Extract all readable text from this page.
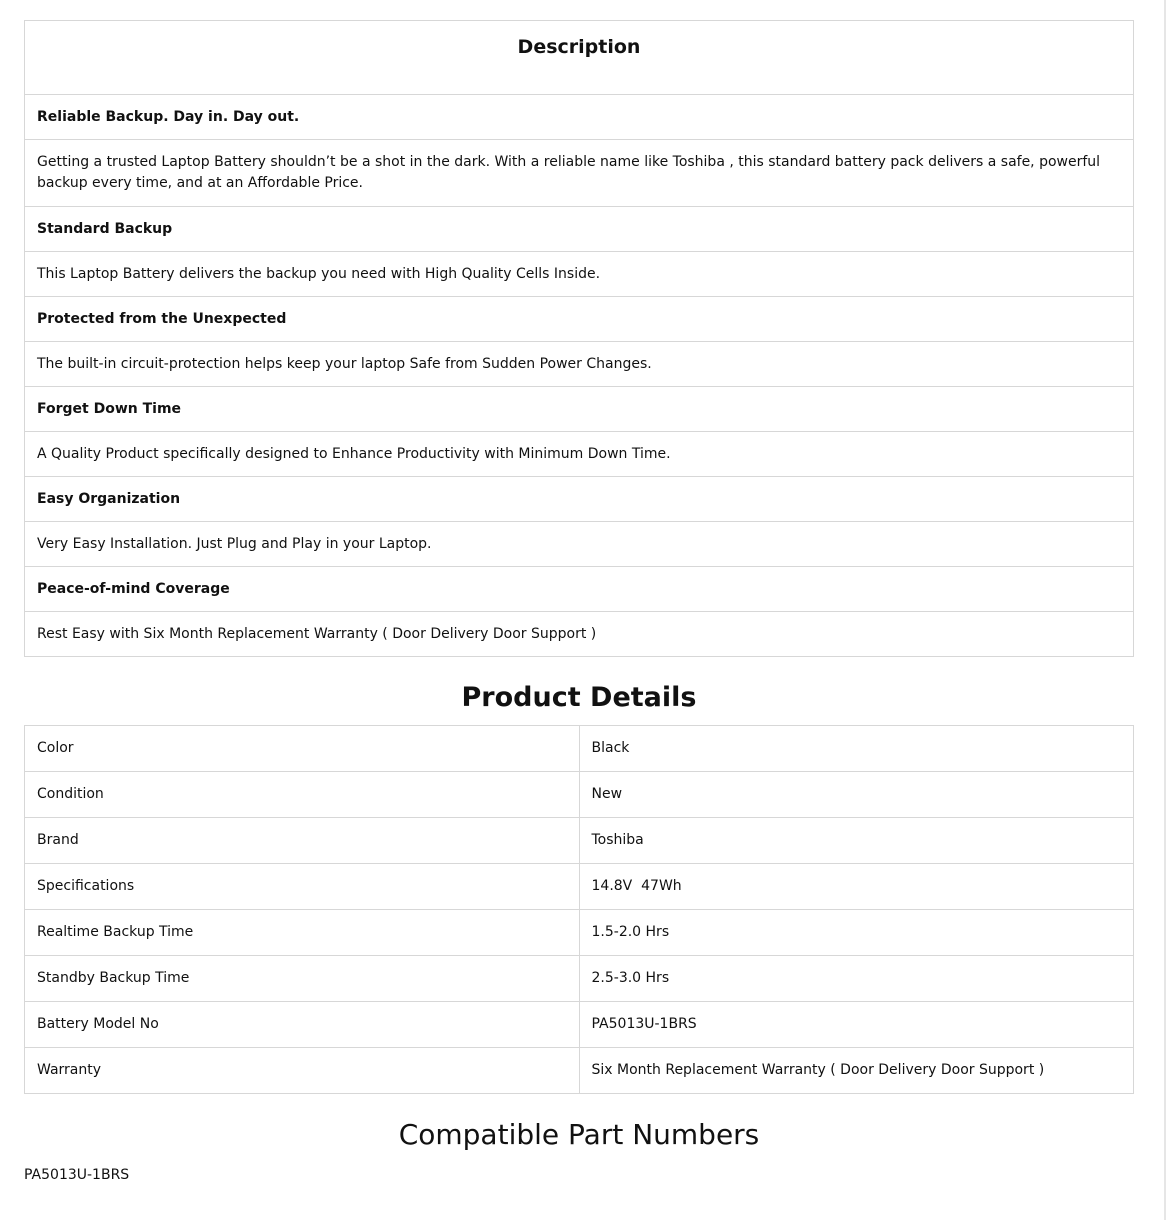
Description
Reliable Backup. Day in. Day out.
Getting a trusted Laptop Battery shouldn’t be a shot in the dark. With a reliable name like Toshiba , this standard battery pack delivers a safe, powerful backup every time, and at an Affordable Price.
Standard Backup
This Laptop Battery delivers the backup you need with High Quality Cells Inside.
Protected from the Unexpected
The built-in circuit-protection helps keep your laptop Safe from Sudden Power Changes.
Forget Down Time
A Quality Product specifically designed to Enhance Productivity with Minimum Down Time.
Easy Organization
Very Easy Installation. Just Plug and Play in your Laptop.
Peace-of-mind Coverage
Rest Easy with Six Month Replacement Warranty ( Door Delivery Door Support )
Product Details
Color	Black
Condition	New
Brand	Toshiba
Specifications	14.8V  47Wh
Realtime Backup Time	1.5-2.0 Hrs
Standby Backup Time	2.5-3.0 Hrs
Battery Model No	PA5013U-1BRS
Warranty	Six Month Replacement Warranty ( Door Delivery Door Support )
Compatible Part Numbers
PA5013U-1BRS
